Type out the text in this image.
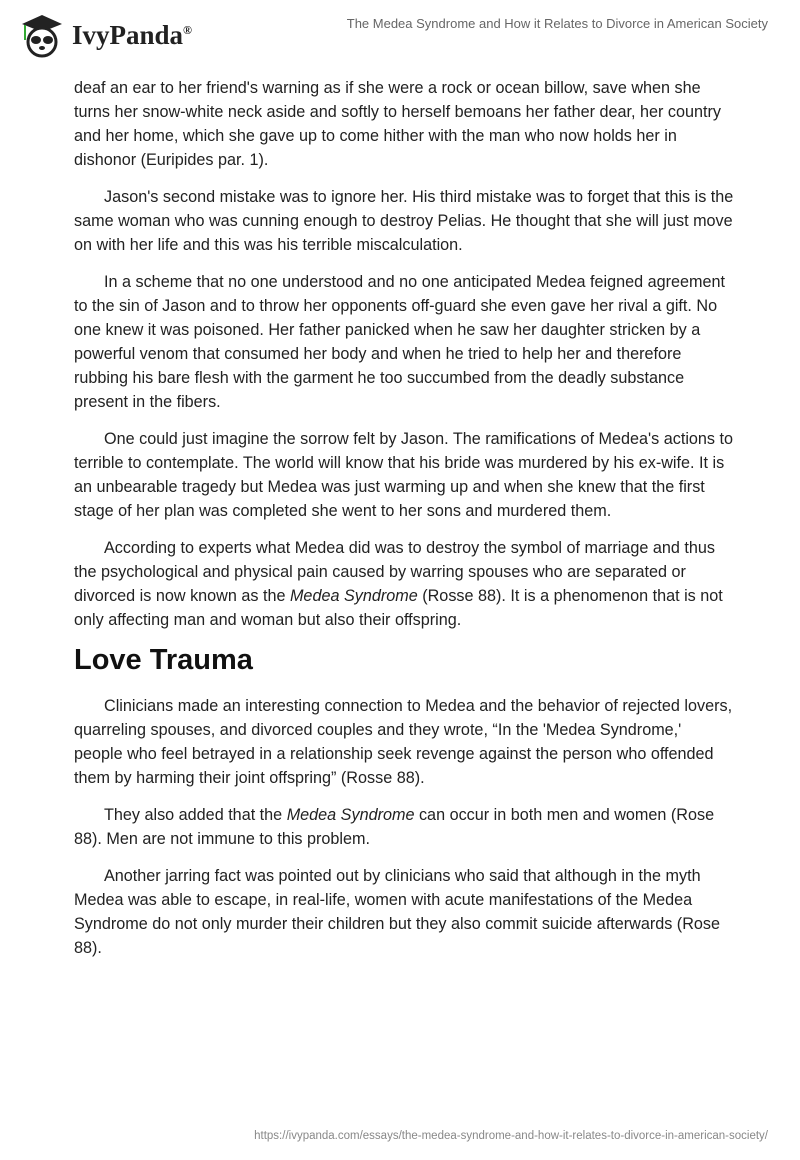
IvyPanda®	The Medea Syndrome and How it Relates to Divorce in American Society

deaf an ear to her friend's warning as if she were a rock or ocean billow, save when she turns her snow-white neck aside and softly to herself bemoans her father dear, her country and her home, which she gave up to come hither with the man who now holds her in dishonor (Euripides par. 1).

Jason's second mistake was to ignore her. His third mistake was to forget that this is the same woman who was cunning enough to destroy Pelias. He thought that she will just move on with her life and this was his terrible miscalculation.

In a scheme that no one understood and no one anticipated Medea feigned agreement to the sin of Jason and to throw her opponents off-guard she even gave her rival a gift. No one knew it was poisoned. Her father panicked when he saw her daughter stricken by a powerful venom that consumed her body and when he tried to help her and therefore rubbing his bare flesh with the garment he too succumbed from the deadly substance present in the fibers.

One could just imagine the sorrow felt by Jason. The ramifications of Medea's actions to terrible to contemplate. The world will know that his bride was murdered by his ex-wife. It is an unbearable tragedy but Medea was just warming up and when she knew that the first stage of her plan was completed she went to her sons and murdered them.

According to experts what Medea did was to destroy the symbol of marriage and thus the psychological and physical pain caused by warring spouses who are separated or divorced is now known as the Medea Syndrome (Rosse 88). It is a phenomenon that is not only affecting man and woman but also their offspring.

Love Trauma

Clinicians made an interesting connection to Medea and the behavior of rejected lovers, quarreling spouses, and divorced couples and they wrote, “In the 'Medea Syndrome,' people who feel betrayed in a relationship seek revenge against the person who offended them by harming their joint offspring” (Rosse 88).

They also added that the Medea Syndrome can occur in both men and women (Rose 88). Men are not immune to this problem.

Another jarring fact was pointed out by clinicians who said that although in the myth Medea was able to escape, in real-life, women with acute manifestations of the Medea Syndrome do not only murder their children but they also commit suicide afterwards (Rose 88).

https://ivypanda.com/essays/the-medea-syndrome-and-how-it-relates-to-divorce-in-american-society/
